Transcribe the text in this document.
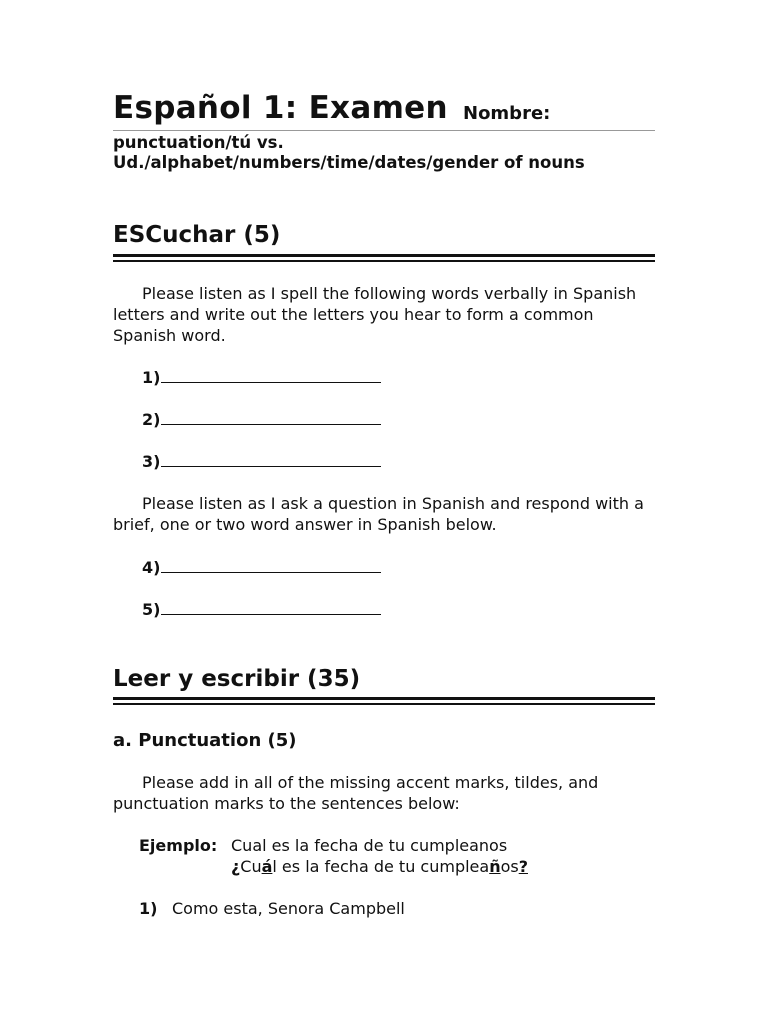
Español 1: Examen Nombre:
punctuation/tú vs. Ud./alphabet/numbers/time/dates/gender of nouns
ESCuchar (5)
Please listen as I spell the following words verbally in Spanish letters and write out the letters you hear to form a common Spanish word.
1)
2)
3)
Please listen as I ask a question in Spanish and respond with a brief, one or two word answer in Spanish below.
4)
5)
Leer y escribir (35)
a. Punctuation (5)
Please add in all of the missing accent marks, tildes, and punctuation marks to the sentences below:
Ejemplo: Cual es la fecha de tu cumpleanos
¿Cuál es la fecha de tu cumpleaños?
1) Como esta, Senora Campbell
